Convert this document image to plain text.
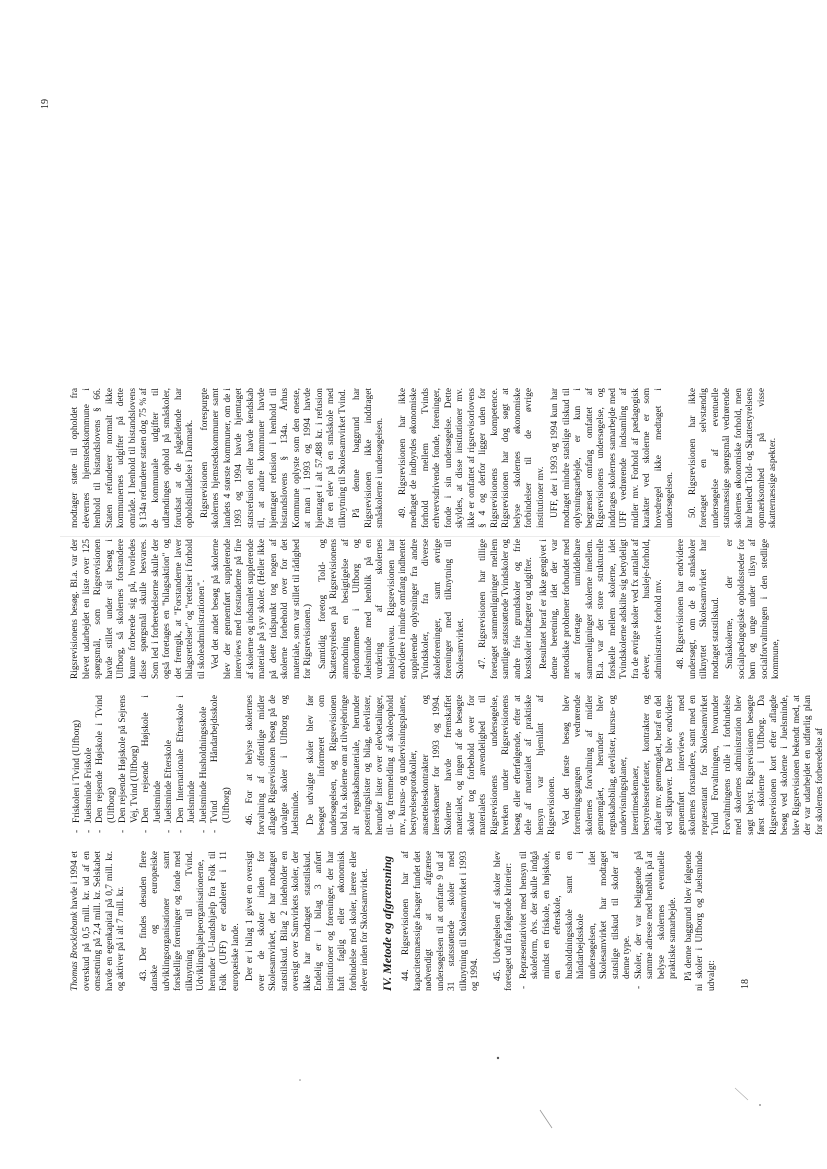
Thomas Brocklebank havde i 1994 et overskud på 0,5 mill. kr. ud af en omsætning på 2,4 mill. kr. Selskabet havde en egenkapital på 0,7 mill. kr. og aktiver på i alt 7 mill. kr. 43. Der findes desuden flere danske og europæiske udviklingsorganisationer samt forskellige foreninger og fonde med tilknytning til Tvind. Udviklingshjælpeorganisationerne, herunder U-landshjælp fra Folk til Folk (UFF) er etableret i 11 europæiske lande. Der er i bilag 1 givet en oversigt over de skoler inden for Skolesamvirket, der har modtaget statstilskud. Bilag 2 indeholder en oversigt over Samvirkets skoler, der ikke har modtaget statstilskud. Endelig er i bilag 3 anført institutioner og foreninger, der har haft faglig eller økonomisk forbindelse med skoler, lærere eller elever inden for Skolesamvirket. IV. Metode og afgrænsning 44. Rigsrevisionen har af kapacitetsmæssige årsager fundet det nødvendigt at afgrænse undersøgelsen til at omfatte 9 ud af 31 statsstøttede skoler med tilknytning til Skolesamvirket i 1993 og 1994. 45. Udvælgelsen af skoler blev foretaget ud fra følgende kriterier: - Repræsentativitet med hensyn til skoleform, dvs. der skulle indgå mindst en friskole, en højskole, en efterskole, en husholdningsskole samt en håndarbejdsskole i undersøgelsen, idet Skolesamvirket har modtaget statslige tilskud til skoler af denne type. - Skoler, der var beliggende på samme adresse med henblik på at belyse skolernes eventuelle praktiske samarbejde. På denne baggrund blev følgende ni skoler i Ulfborg og Juelsminde udvalgt:

- Friskolen i Tvind (Ulfborg) - Juelsminde Friskole - Den rejsende Højskole i Tvind (Ulfborg) - Den rejsende Højskole på Sejrens Vej, Tvind (Ulfborg) - Den rejsende Højskole i Juelsminde - Juelsminde Efterskole - Den Internationale Efterskole i Juelsminde - Juelsminde Husholdningsskole - Tvind Håndarbejdsskole (Ulfborg) 46. For at belyse skolernes forvaltning af offentlige midler aflagde Rigsrevisionen besøg på de udvalgte skoler i Ulfborg og Juelsminde. De udvalgte skoler blev før besøget informeret om undersøgelsen, og Rigsrevisionen bad bl.a. skolerne om at tilvejebringe alt regnskabsmateriale, herunder posteringslister og bilag, elevlister, herunder lister over elevbetalinger, til- og fremmelding af skoleophold mv., kursus- og undervisningsplaner, bestyrelsesprotokoller, ansættelseskontrakter og lærerskemaer for 1993 og 1994. Skolerne havde fremskaffet materialet, og ingen af de besøgte skoler tog forbehold over for materialets anvendelighed til Rigsrevisionens undersøgelse, hverken under Rigsrevisionens besøg eller efterfølgende, efter at dele af materialet af praktiske hensyn var hjemlånt af Rigsrevisionen. Ved det første besøg blev forretningsgangen vedrørende skolernes forvaltning af midler gennemgået, herunder blev regnskabsbilag, elevlister, kursus- og undervisningsplaner, lærertimeskemaer, bestyrelsesreferater, kontrakter og aftaler mv. gennemgået, heraf en del ved stikprøver. Der blev endvidere gennemført interviews med skolernes forstandere, samt med en repræsentant for Skolesamvirket Tvind Forvaltningen, hvorunder Forvaltningens rolle i forbindelse med skolernes administration blev søgt belyst. Rigsrevisionen besøgte først skolerne i Ulfborg. Da Rigsrevisionen kort efter aflagde besøg ved skolerne i Juelsminde, blev Rigsrevisionen bekendt med, at der var udarbejdet en udførlig plan for skolernes forberedelse af

Rigsrevisionens besøg. Bl.a. var der blevet udarbejdet en liste over 125 spørgsmål, som Rigsrevisionen havde stillet under sit besøg i Ulfborg, så skolernes forstandere kunne forberede sig på, hvorledes disse spørgsmål skulle besvares. Som led i forberedelserne skulle der også foretages en "bilagsaktion" og det fremgik, at "Forstanderne laver bilagsrettelser" og "rettelser i forhold til skoleadministrationen". Ved det andet besøg på skolerne blev der gennemført supplerende interviews med forstanderne på fire af skolerne og indsamlet supplerende materiale på syv skoler. (Heller ikke på dette tidspunkt tog nogen af skolerne forbehold over for det materiale, som var stillet til rådighed for Rigsrevisionen.) Samtidig foretog Told- og Skattestyrelsen på Rigsrevisionens anmodning en besigtigelse af ejendommene i Ulfborg og Juelsminde med henblik på en vurdering af skolernes huslejeniveau. Rigsrevisionen har endvidere i mindre omfang indhentet supplerende oplysninger fra andre Tvindskoler, fra diverse skoleforeninger, samt øvrige foreninger med tilknytning til Skolesamvirket. 47. Rigsrevisionen har tillige foretaget sammenligninger mellem samtlige statsstøttede Tvindskoler og andre frie grundskoler og frie kostskoler indtægter og udgifter. Resultatet heraf er ikke gengivet i denne beretning, idet der var metodiske problemer forbundet med at foretage umiddelbare sammenligninger skolerne imellem. Bl.a. var der store strukturelle forskelle mellem skolerne, idet Tvindskolerne adskilte sig betydeligt fra de øvrige skoler ved fx antallet af elever, husleje-forhold, administrative forhold mv. 48. Rigsrevisionen har endvidere undersøgt, om de 8 småskoler tilknyttet Skolesamvirket har modtaget statstilskud. Småskolerne, der er socialpædagogiske opholdssteder for børn og unge under tilsyn af socialforvaltningen i den stedlige kommune,

18

modtager støtte til opholdet fra elevernes hjemstedskommune i henhold til bistandslovens § 66. Staten refunderer normalt ikke kommunernes udgifter på dette område. I henhold til bistandslovens § 134a refunderer staten dog 75 % af de kommunale udgifter til udlændinges ophold på småskoler, forudsat at de pågældende har opholdstilladelse i Danmark. Rigsrevisionen forespurgte skolernes hjemstedskommuner samt landets 4 største kommuner, om de i 1993 og 1994 havde hjemtaget statsrefusion eller havde kendskab til, at andre kommuner havde hjemtaget refusion i henhold til bistandslovens § 134a. Århus Kommune oplyste som den eneste, at man i 1993 og 1994 havde hjemtaget i alt 57.488 kr. i refusion for en elev på en småskole med tilknytning til Skolesamvirket Tvind. På denne baggrund har Rigsrevisionen ikke inddraget småskolerne i undersøgelsen. 49. Rigsrevisionen har ikke medtaget de indbyrdes økonomiske forhold mellem Tvinds erhvervsdrivende fonde, foreninger, fonde i sin undersøgelse. Dette skyldes, at disse institutioner mv. ikke er omfattet af rigsrevisorlovens § 4 og derfor ligger uden for Rigsrevisionens kompetence. Rigsrevisionen har dog søgt at belyse skolernes økonomiske forbindelser til de øvrige institutioner mv. UFF, der i 1993 og 1994 kun har modtaget mindre statslige tilskud til oplysningsarbejde, er kun i begrænset omfang omfattet af Rigsrevisionens undersøgelse, og inddrages skolernes samarbejde med UFF vedrørende indsamling af midler mv. Forhold af pædagogisk karakter ved skolerne er som hovedregel ikke medtaget i undersøgelsen. 50. Rigsrevisionen har ikke foretaget en selvstændig undersøgelse af eventuelle statsmæssige spørgsmål vedrørende skolernes økonomiske forhold, men har henledt Told- og Skattestyrelsens opmærksomhed på visse skatternæssige aspekter.

19
